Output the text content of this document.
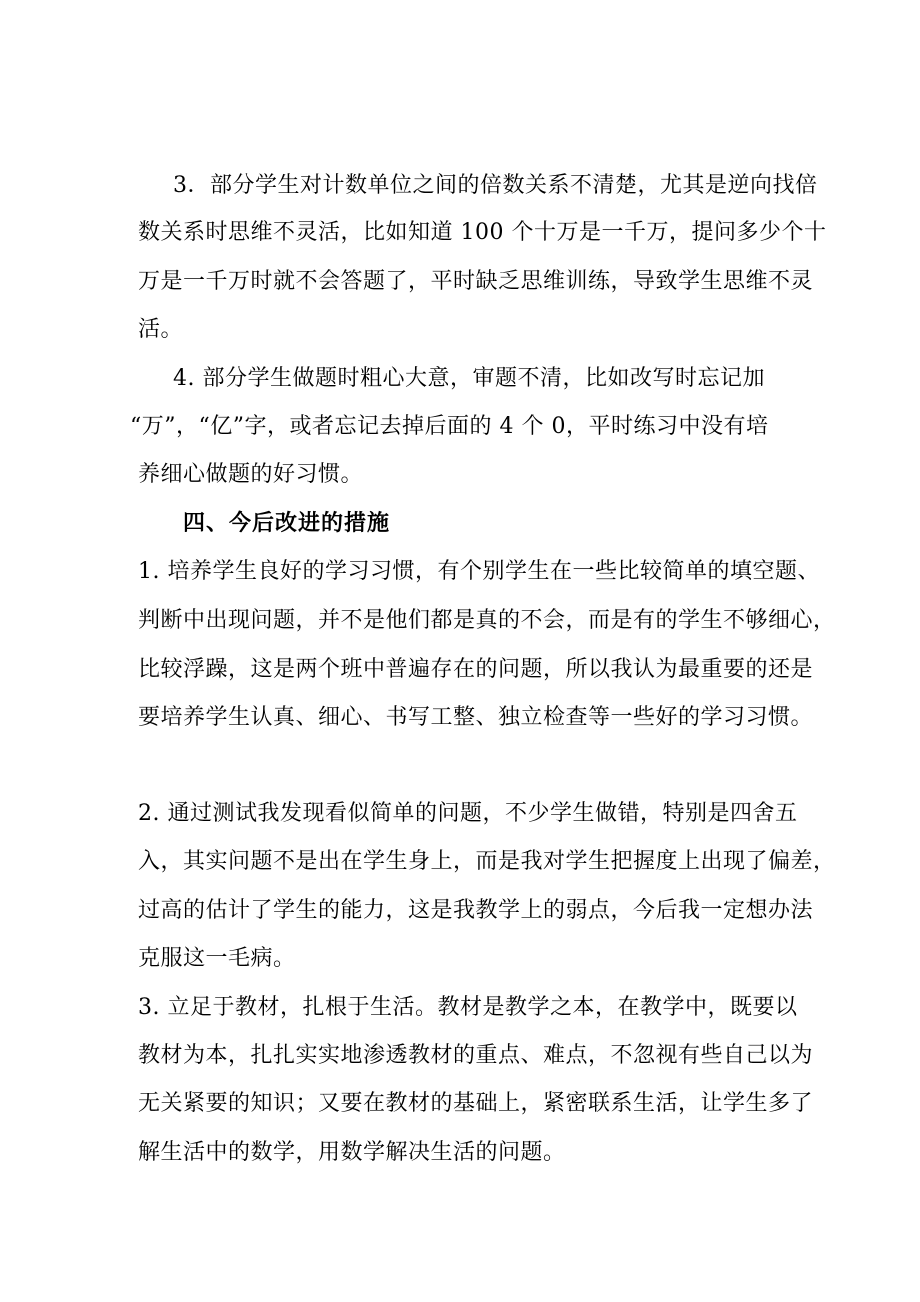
3．部分学生对计数单位之间的倍数关系不清楚，尤其是逆向找倍
数关系时思维不灵活，比如知道 100 个十万是一千万，提问多少个十
万是一千万时就不会答题了，平时缺乏思维训练，导致学生思维不灵
活。
4. 部分学生做题时粗心大意，审题不清，比如改写时忘记加
“万”，“亿”字，或者忘记去掉后面的 4 个 0，平时练习中没有培
养细心做题的好习惯。
四、今后改进的措施
1. 培养学生良好的学习习惯，有个别学生在一些比较简单的填空题、
判断中出现问题，并不是他们都是真的不会，而是有的学生不够细心，
比较浮躁，这是两个班中普遍存在的问题，所以我认为最重要的还是
要培养学生认真、细心、书写工整、独立检查等一些好的学习习惯。
2. 通过测试我发现看似简单的问题，不少学生做错，特别是四舍五
入，其实问题不是出在学生身上，而是我对学生把握度上出现了偏差，
过高的估计了学生的能力，这是我教学上的弱点，今后我一定想办法
克服这一毛病。
3. 立足于教材，扎根于生活。教材是教学之本，在教学中，既要以
教材为本，扎扎实实地渗透教材的重点、难点，不忽视有些自己以为
无关紧要的知识；又要在教材的基础上，紧密联系生活，让学生多了
解生活中的数学，用数学解决生活的问题。
